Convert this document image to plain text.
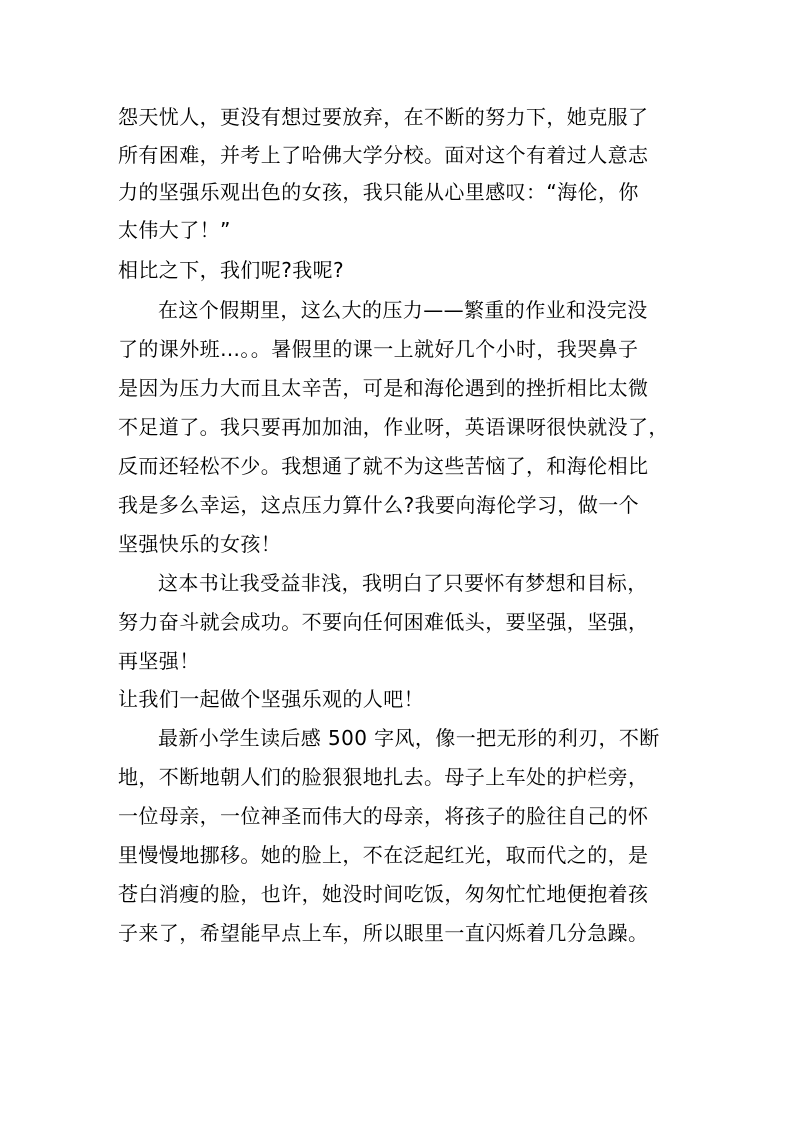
怨天忧人，更没有想过要放弃，在不断的努力下，她克服了
所有困难，并考上了哈佛大学分校。面对这个有着过人意志
力的坚强乐观出色的女孩，我只能从心里感叹：“海伦，你
太伟大了！”
相比之下，我们呢?我呢?
在这个假期里，这么大的压力——繁重的作业和没完没
了的课外班…。。暑假里的课一上就好几个小时，我哭鼻子
是因为压力大而且太辛苦，可是和海伦遇到的挫折相比太微
不足道了。我只要再加加油，作业呀，英语课呀很快就没了，
反而还轻松不少。我想通了就不为这些苦恼了，和海伦相比
我是多么幸运，这点压力算什么?我要向海伦学习，做一个
坚强快乐的女孩！
这本书让我受益非浅，我明白了只要怀有梦想和目标，
努力奋斗就会成功。不要向任何困难低头，要坚强，坚强，
再坚强！
让我们一起做个坚强乐观的人吧！
最新小学生读后感 500 字风，像一把无形的利刃，不断
地，不断地朝人们的脸狠狠地扎去。母子上车处的护栏旁，
一位母亲，一位神圣而伟大的母亲，将孩子的脸往自己的怀
里慢慢地挪移。她的脸上，不在泛起红光，取而代之的，是
苍白消瘦的脸，也许，她没时间吃饭，匆匆忙忙地便抱着孩
子来了，希望能早点上车，所以眼里一直闪烁着几分急躁。
